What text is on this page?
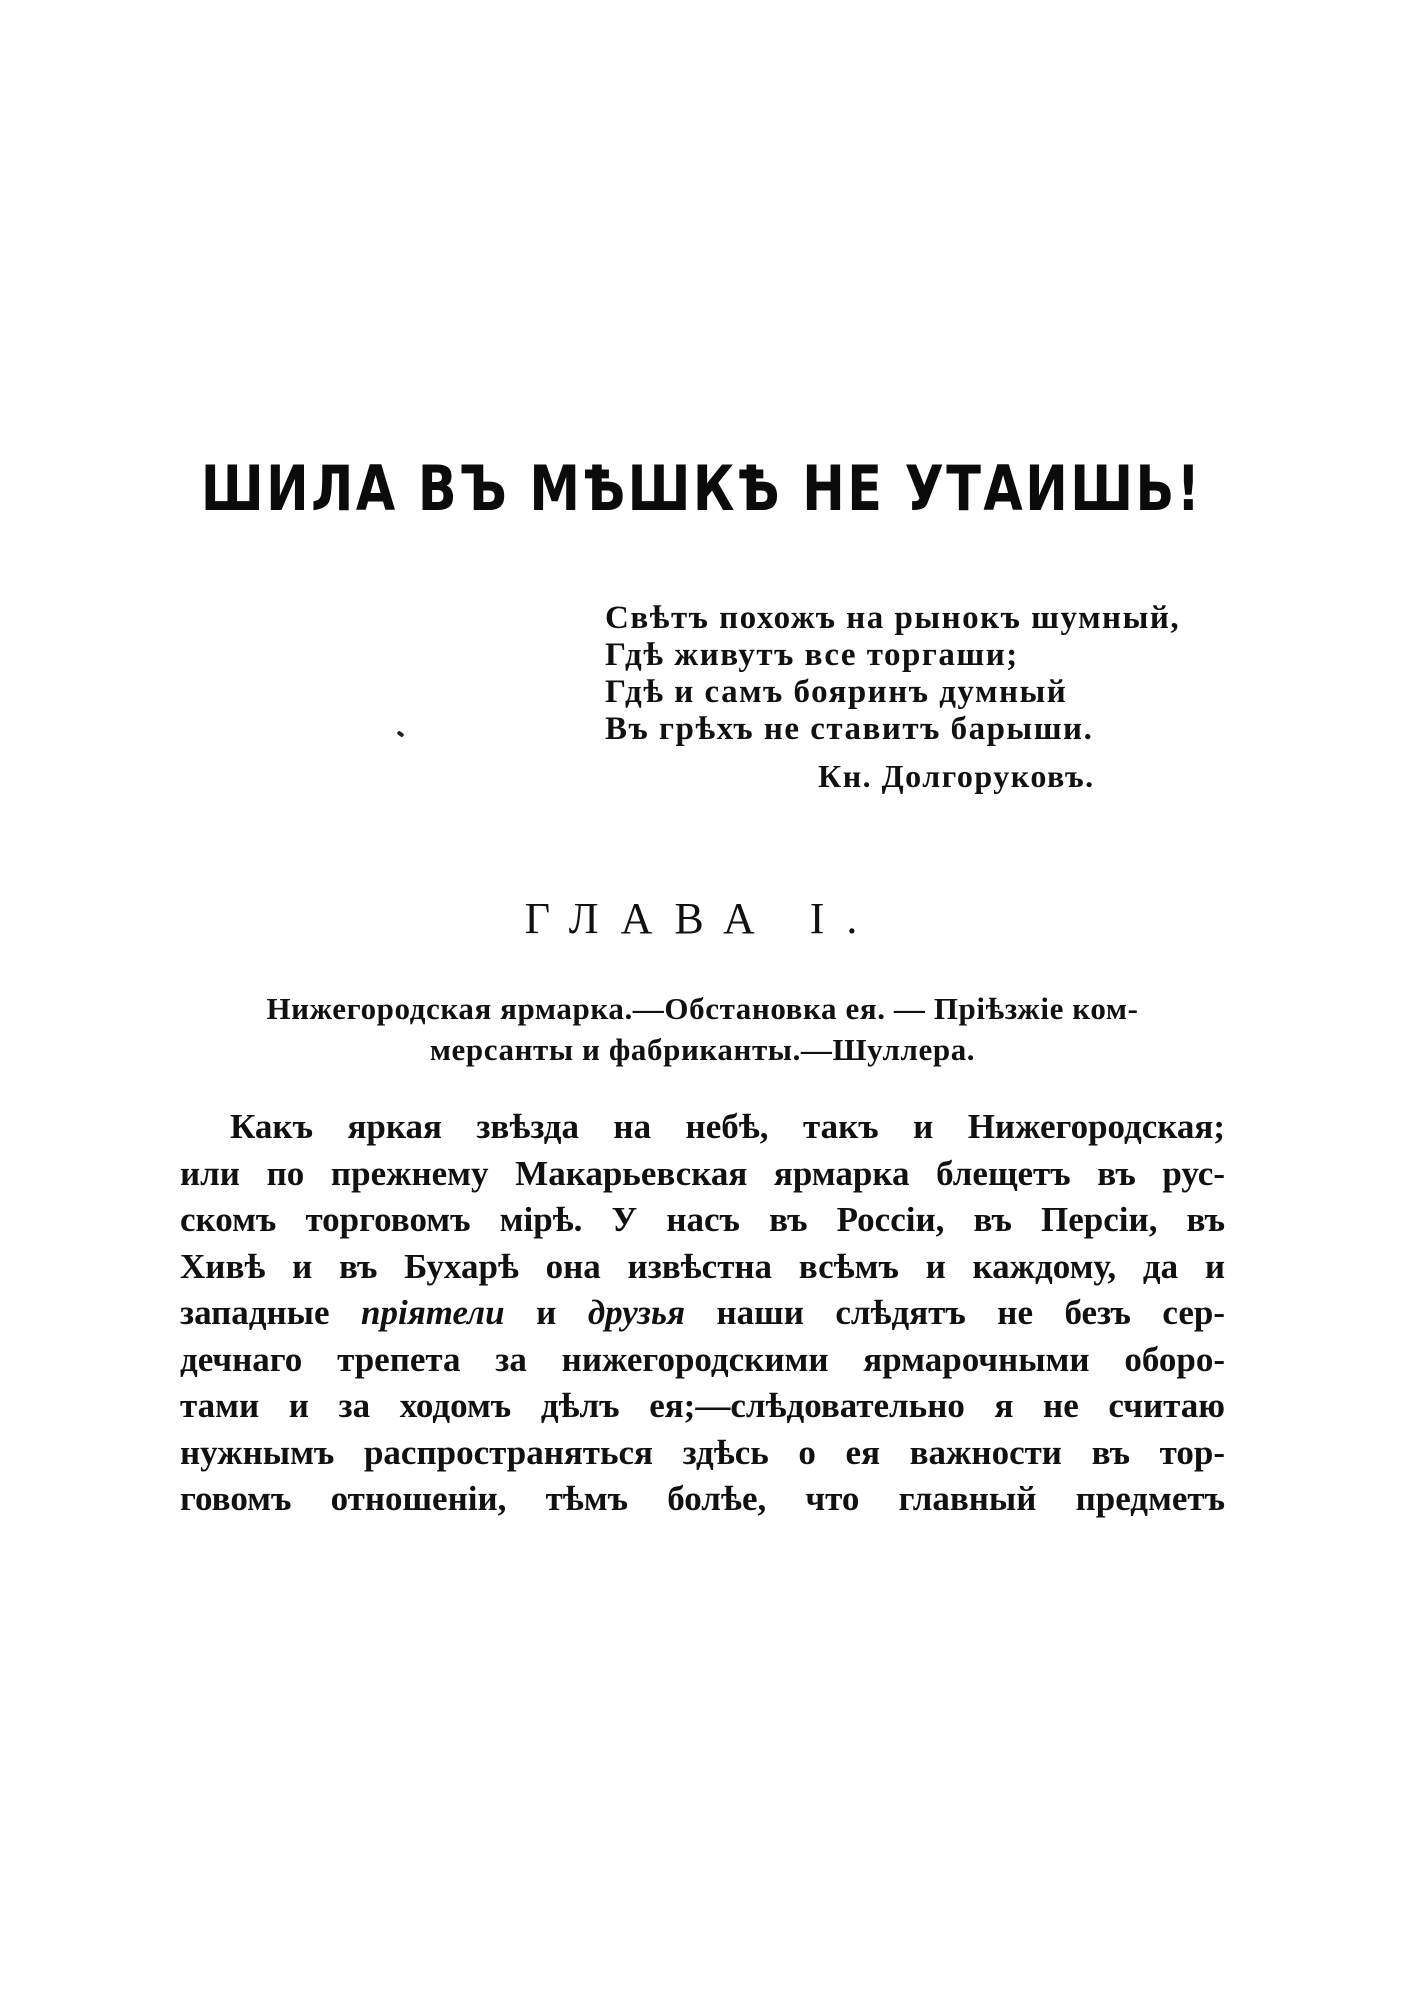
ШИЛА ВЪ МѢШКѢ НЕ УТАИШЬ!
Свѣтъ похожъ на рынокъ шумный,
Гдѣ живутъ все торгаши;
Гдѣ и самъ бояринъ думный
Въ грѣхъ не ставитъ барыши.
Кн. Долгоруковъ.
ГЛАВА I.
Нижегородская ярмарка.—Обстановка ея. — Пріѣзжіе ком-
мерсанты и фабриканты.—Шуллера.
Какъ яркая звѣзда на небѣ, такъ и Нижегородская;
или по прежнему Макарьевская ярмарка блещетъ въ рус-
скомъ торговомъ мірѣ. У насъ въ Россіи, въ Персіи, въ
Хивѣ и въ Бухарѣ она извѣстна всѣмъ и каждому, да и
западные пріятели и друзья наши слѣдятъ не безъ сер-
дечнаго трепета за нижегородскими ярмарочными оборо-
тами и за ходомъ дѣлъ ея;—слѣдовательно я не считаю
нужнымъ распространяться здѣсь о ея важности въ тор-
говомъ отношеніи, тѣмъ болѣе, что главный предметъ
